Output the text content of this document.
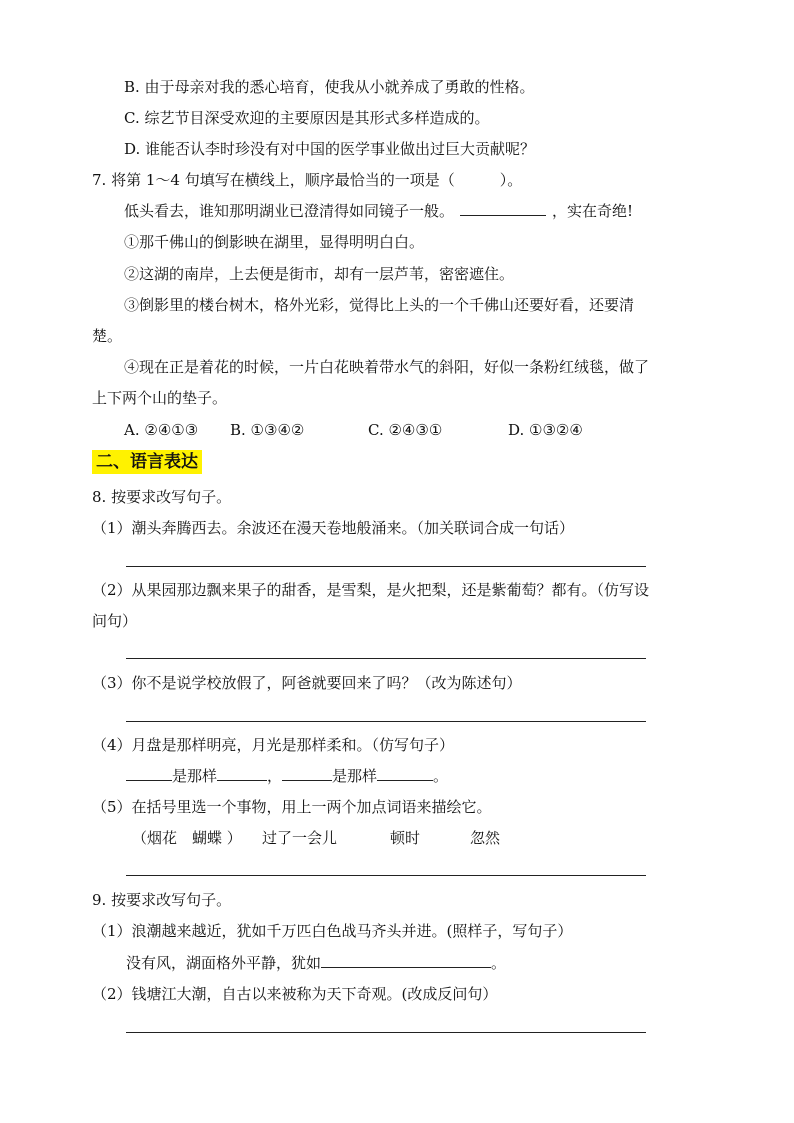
B. 由于母亲对我的悉心培育，使我从小就养成了勇敢的性格。
C. 综艺节目深受欢迎的主要原因是其形式多样造成的。
D. 谁能否认李时珍没有对中国的医学事业做出过巨大贡献呢？
7. 将第 1～4 句填写在横线上，顺序最恰当的一项是（　　　）。
低头看去，谁知那明湖业已澄清得如同镜子一般。	，实在奇绝!
①那千佛山的倒影映在湖里，显得明明白白。
②这湖的南岸，上去便是街市，却有一层芦苇，密密遮住。
③倒影里的楼台树木，格外光彩，觉得比上头的一个千佛山还要好看，还要清
楚。
④现在正是着花的时候，一片白花映着带水气的斜阳，好似一条粉红绒毯，做了
上下两个山的垫子。
A. ②④①③ B. ①③④②	C. ②④③①	D. ①③②④
二、语言表达
8. 按要求改写句子。
（1）潮头奔腾西去。余波还在漫天卷地般涌来。（加关联词合成一句话）
（2）从果园那边飘来果子的甜香，是雪梨，是火把梨，还是紫葡萄？都有。（仿写设
问句）
（3）你不是说学校放假了，阿爸就要回来了吗？（改为陈述句）
（4）月盘是那样明亮，月光是那样柔和。（仿写句子）
是那样	，	是那样	。
（5）在括号里选一个事物，用上一两个加点词语来描绘它。
（烟花　蝴蝶 ） 过了一会儿	顿时	忽然
9. 按要求改写句子。
（1）浪潮越来越近，犹如千万匹白色战马齐头并进。(照样子，写句子）
没有风，湖面格外平静，犹如	。
（2）钱塘江大潮，自古以来被称为天下奇观。(改成反问句）
